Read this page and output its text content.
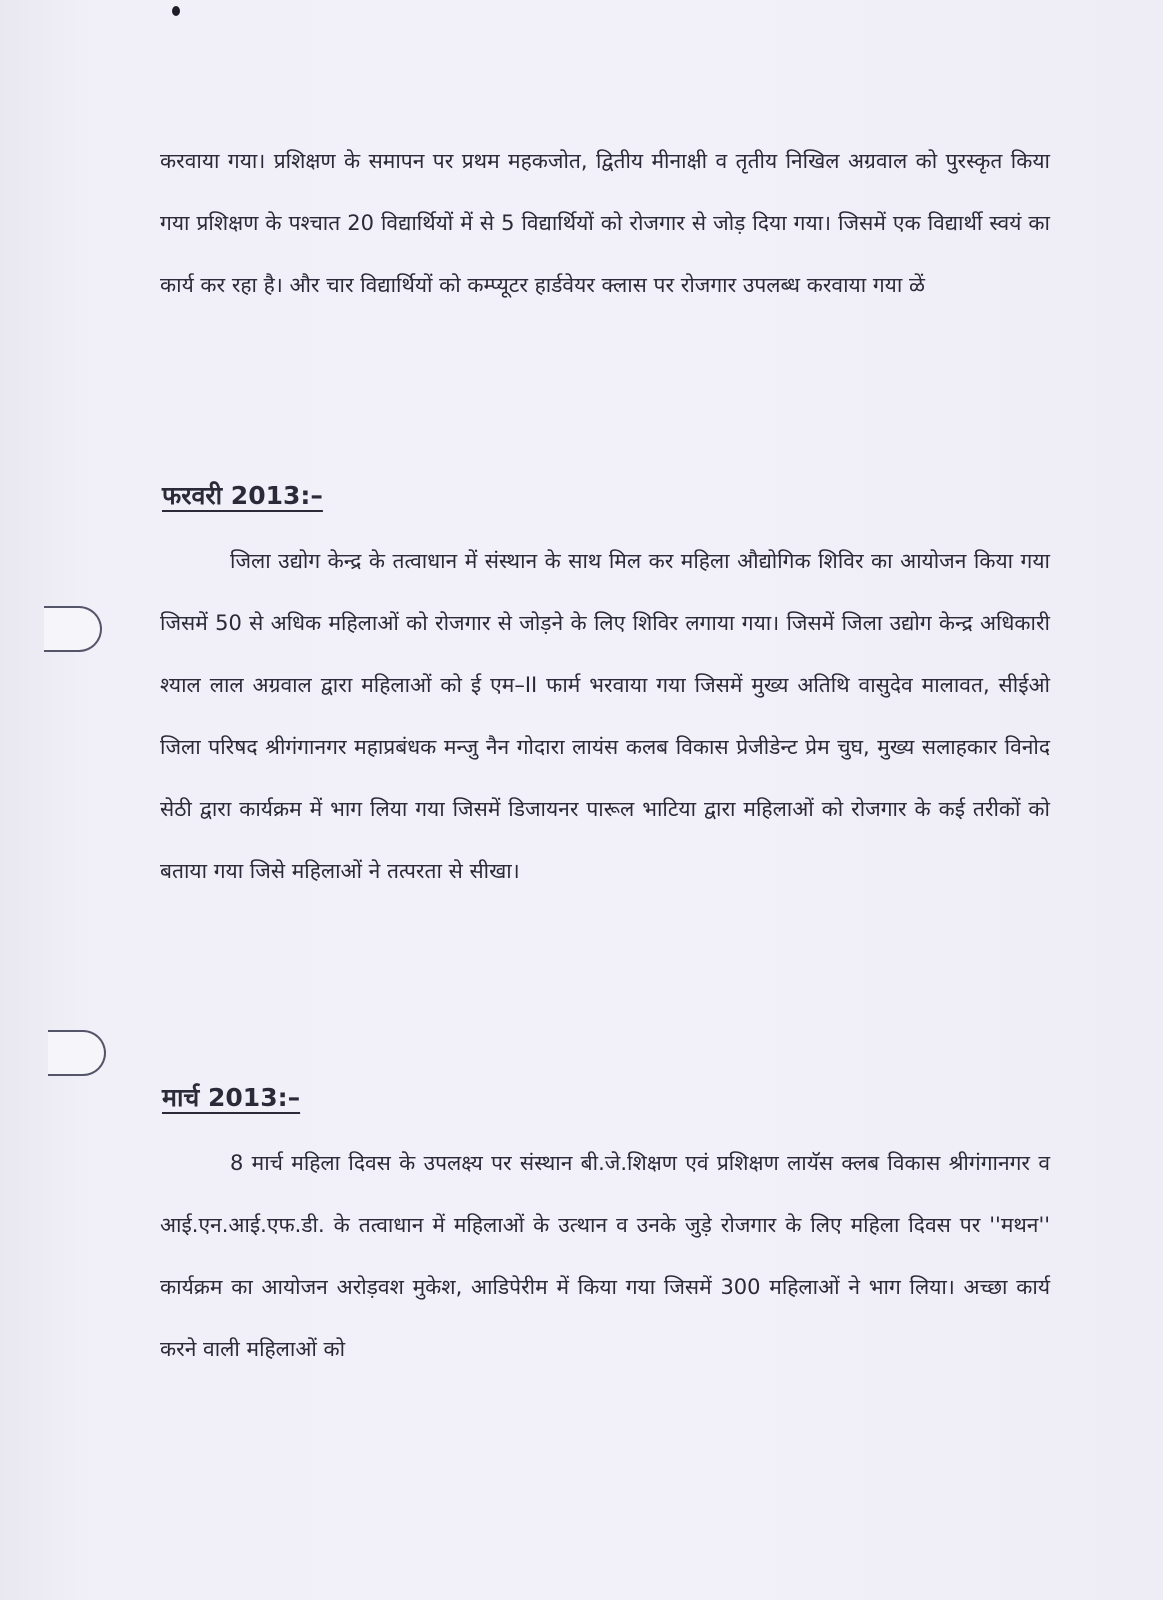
करवाया गया। प्रशिक्षण के समापन पर प्रथम महकजोत, द्वितीय मीनाक्षी व तृतीय निखिल अग्रवाल को पुरस्कृत किया गया प्रशिक्षण के पश्चात 20 विद्यार्थियों में से 5 विद्यार्थियों को रोजगार से जोड़ दिया गया। जिसमें एक विद्यार्थी स्वयं का कार्य कर रहा है। और चार विद्यार्थियों को कम्प्यूटर हार्डवेयर क्लास पर रोजगार उपलब्ध करवाया गया ळें
फरवरी 2013:–
जिला उद्योग केन्द्र के तत्वाधान में संस्थान के साथ मिल कर महिला औद्योगिक शिविर का आयोजन किया गया जिसमें 50 से अधिक महिलाओं को रोजगार से जोड़ने के लिए शिविर लगाया गया। जिसमें जिला उद्योग केन्द्र अधिकारी श्याल लाल अग्रवाल द्वारा महिलाओं को ई एम–II फार्म भरवाया गया जिसमें मुख्य अतिथि वासुदेव मालावत, सीईओ जिला परिषद श्रीगंगानगर महाप्रबंधक मन्जु नैन गोदारा लायंस कलब विकास प्रेजीडेन्ट प्रेम चुघ, मुख्य सलाहकार विनोद सेठी द्वारा कार्यक्रम में भाग लिया गया जिसमें डिजायनर पारूल भाटिया द्वारा महिलाओं को रोजगार के कई तरीकों को बताया गया जिसे महिलाओं ने तत्परता से सीखा।
मार्च 2013:–
8 मार्च महिला दिवस के उपलक्ष्य पर संस्थान बी.जे.शिक्षण एवं प्रशिक्षण लायॅस क्लब विकास श्रीगंगानगर व आई.एन.आई.एफ.डी. के तत्वाधान में महिलाओं के उत्थान व उनके जुड़े रोजगार के लिए महिला दिवस पर ''मथन'' कार्यक्रम का आयोजन अरोड़वश मुकेश, आडिपेरीम में किया गया जिसमें 300 महिलाओं ने भाग लिया। अच्छा कार्य करने वाली महिलाओं को
